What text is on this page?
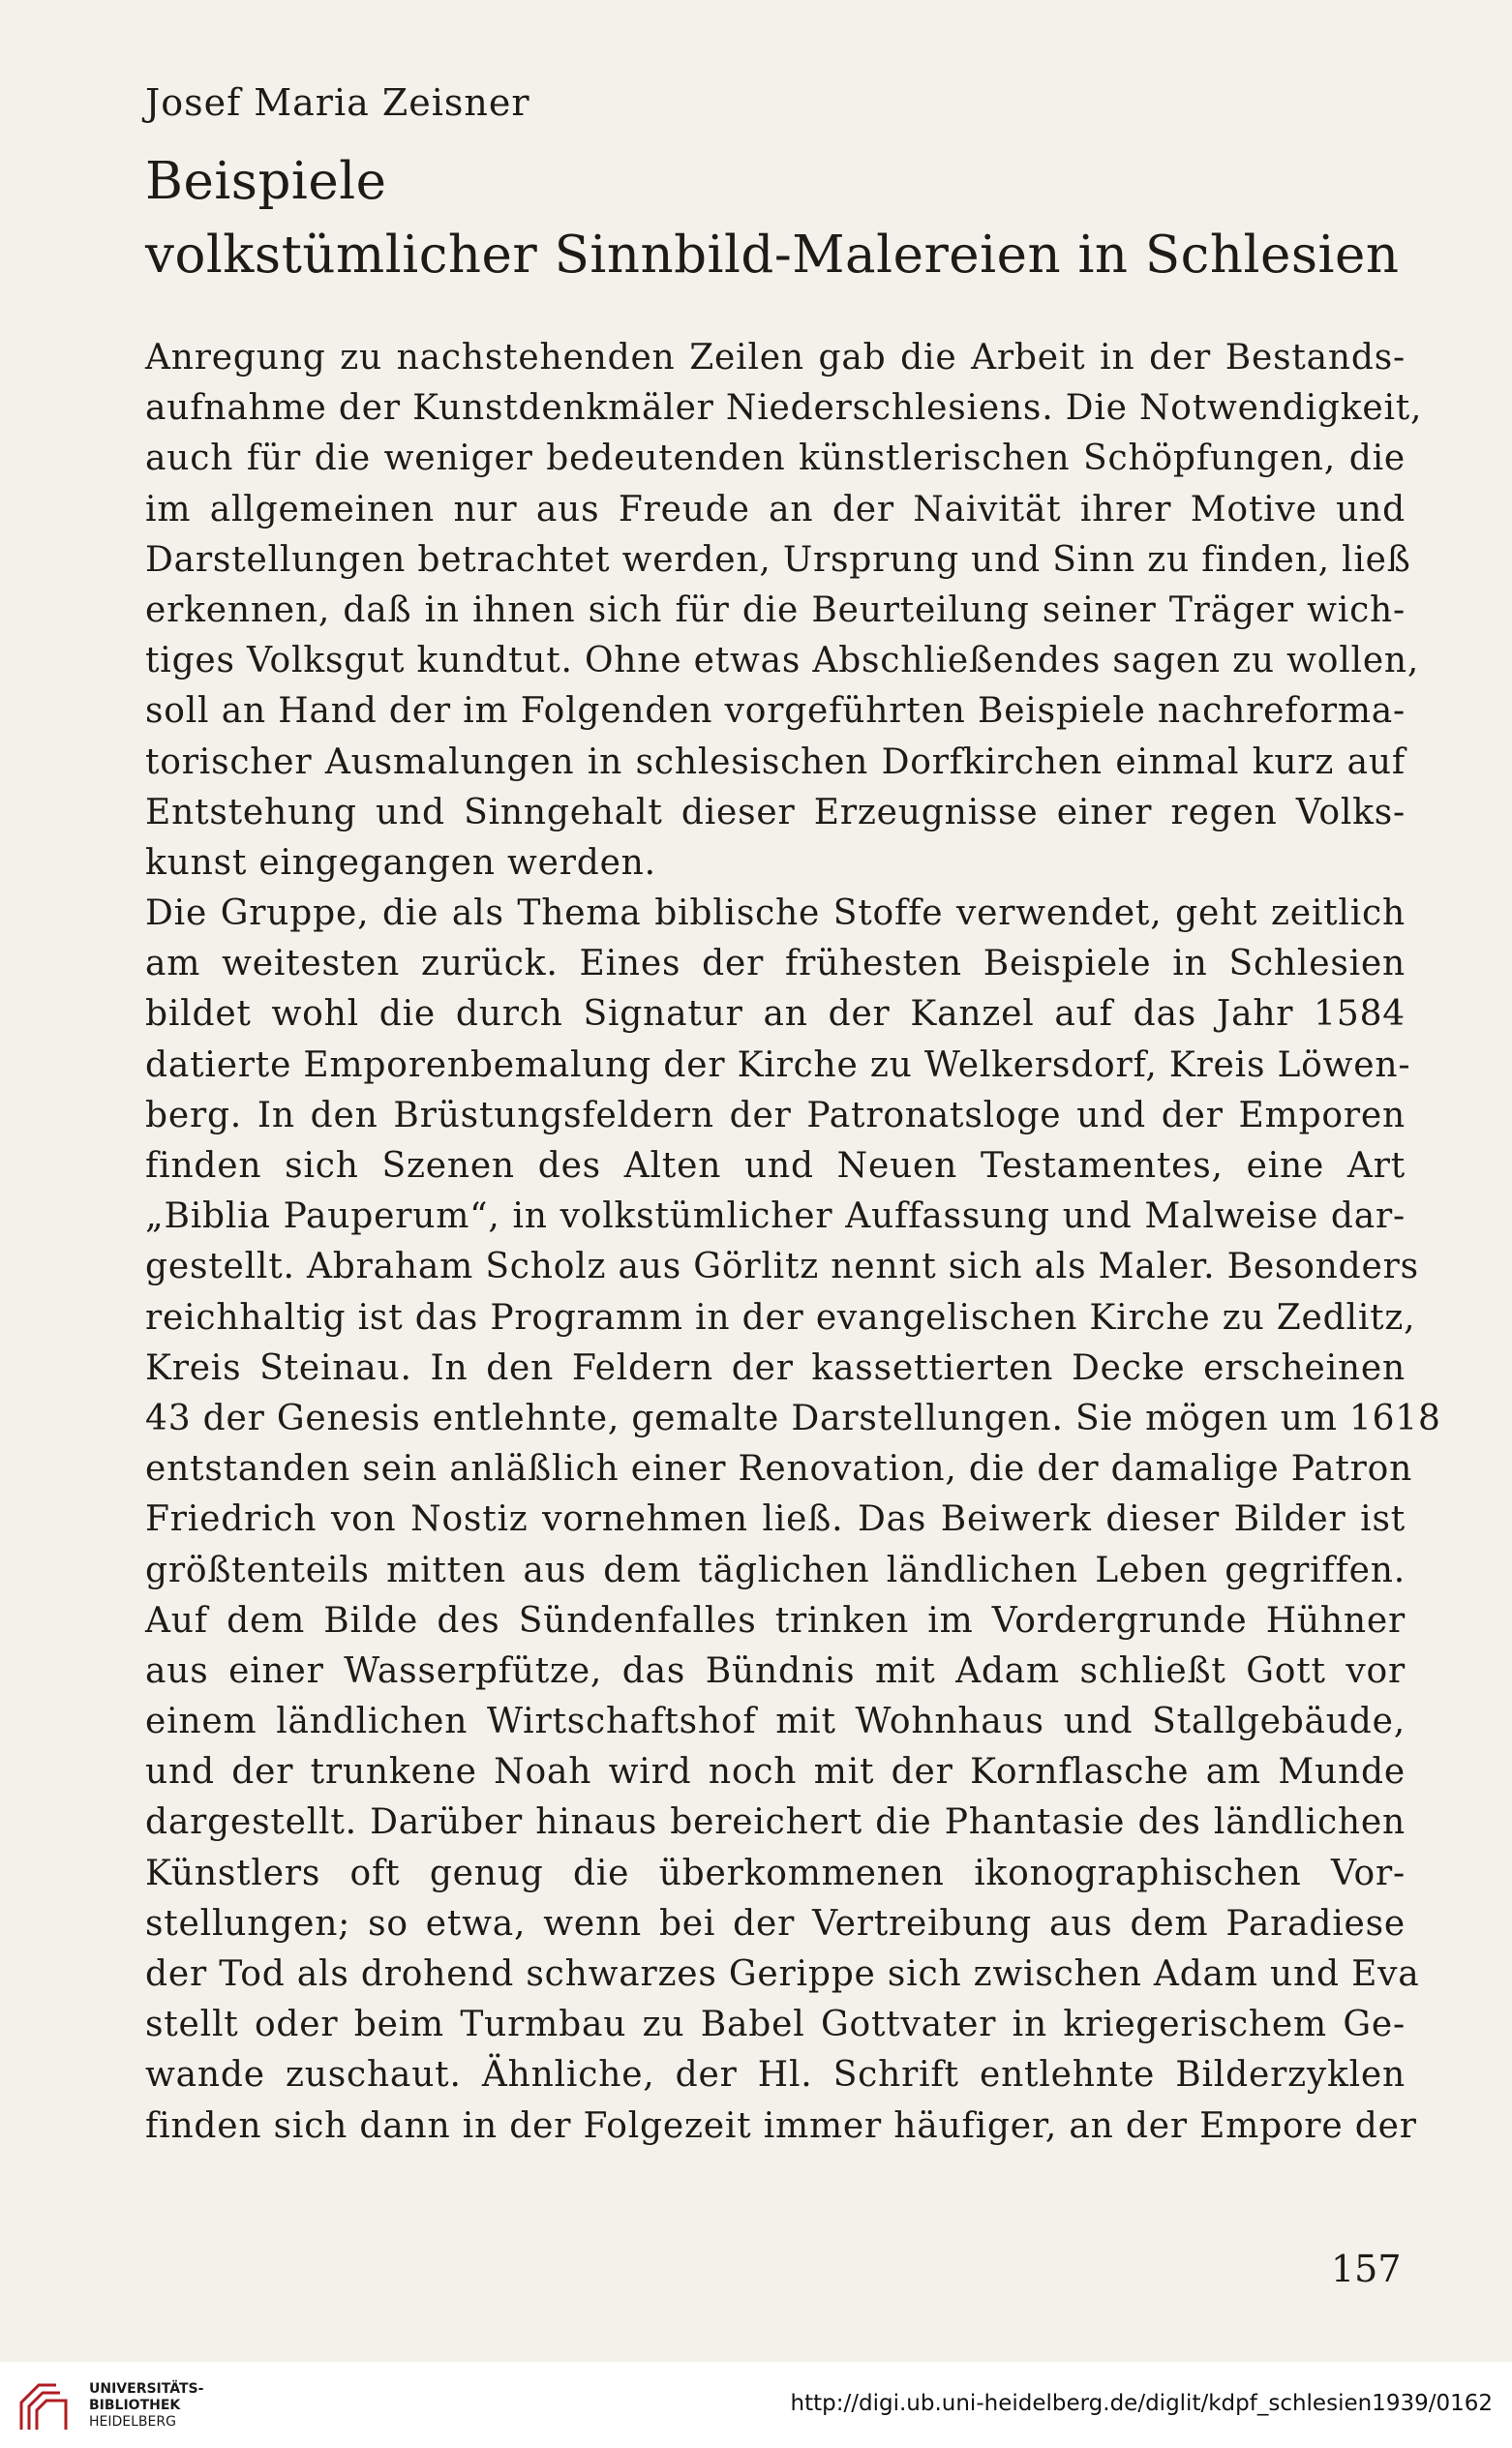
Josef Maria Zeisner
Beispiele
volkstümlicher Sinnbild-Malereien in Schlesien
Anregung zu nachstehenden Zeilen gab die Arbeit in der Bestands-
aufnahme der Kunstdenkmäler Niederschlesiens. Die Notwendigkeit,
auch für die weniger bedeutenden künstlerischen Schöpfungen, die
im allgemeinen nur aus Freude an der Naivität ihrer Motive und
Darstellungen betrachtet werden, Ursprung und Sinn zu finden, ließ
erkennen, daß in ihnen sich für die Beurteilung seiner Träger wich-
tiges Volksgut kundtut. Ohne etwas Abschließendes sagen zu wollen,
soll an Hand der im Folgenden vorgeführten Beispiele nachreforma-
torischer Ausmalungen in schlesischen Dorfkirchen einmal kurz auf
Entstehung und Sinngehalt dieser Erzeugnisse einer regen Volks-
kunst eingegangen werden.
Die Gruppe, die als Thema biblische Stoffe verwendet, geht zeitlich
am weitesten zurück. Eines der frühesten Beispiele in Schlesien
bildet wohl die durch Signatur an der Kanzel auf das Jahr 1584
datierte Emporenbemalung der Kirche zu Welkersdorf, Kreis Löwen-
berg. In den Brüstungsfeldern der Patronatsloge und der Emporen
finden sich Szenen des Alten und Neuen Testamentes, eine Art
„Biblia Pauperum“, in volkstümlicher Auffassung und Malweise dar-
gestellt. Abraham Scholz aus Görlitz nennt sich als Maler. Besonders
reichhaltig ist das Programm in der evangelischen Kirche zu Zedlitz,
Kreis Steinau. In den Feldern der kassettierten Decke erscheinen
43 der Genesis entlehnte, gemalte Darstellungen. Sie mögen um 1618
entstanden sein anläßlich einer Renovation, die der damalige Patron
Friedrich von Nostiz vornehmen ließ. Das Beiwerk dieser Bilder ist
größtenteils mitten aus dem täglichen ländlichen Leben gegriffen.
Auf dem Bilde des Sündenfalles trinken im Vordergrunde Hühner
aus einer Wasserpfütze, das Bündnis mit Adam schließt Gott vor
einem ländlichen Wirtschaftshof mit Wohnhaus und Stallgebäude,
und der trunkene Noah wird noch mit der Kornflasche am Munde
dargestellt. Darüber hinaus bereichert die Phantasie des ländlichen
Künstlers oft genug die überkommenen ikonographischen Vor-
stellungen; so etwa, wenn bei der Vertreibung aus dem Paradiese
der Tod als drohend schwarzes Gerippe sich zwischen Adam und Eva
stellt oder beim Turmbau zu Babel Gottvater in kriegerischem Ge-
wande zuschaut. Ähnliche, der Hl. Schrift entlehnte Bilderzyklen
finden sich dann in der Folgezeit immer häufiger, an der Empore der
157
UNIVERSITÄTS-
BIBLIOTHEK
HEIDELBERG
http://digi.ub.uni-heidelberg.de/diglit/kdpf_schlesien1939/0162
